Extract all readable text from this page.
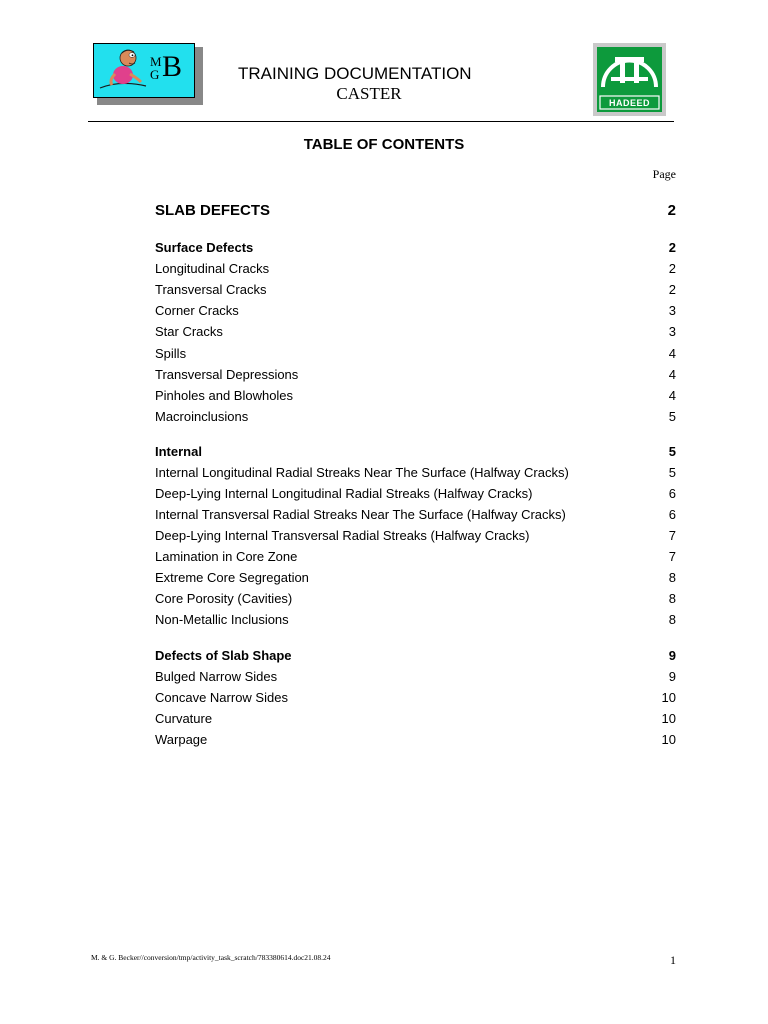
M
G B	TRAINING DOCUMENTATION
CASTER	HADEED
TABLE OF CONTENTS
Page
SLAB DEFECTS	2
Surface Defects	2
Longitudinal Cracks	2
Transversal Cracks	2
Corner Cracks	3
Star Cracks	3
Spills	4
Transversal Depressions	4
Pinholes and Blowholes	4
Macroinclusions	5
Internal	5
Internal Longitudinal Radial Streaks Near The Surface (Halfway Cracks)	5
Deep-Lying Internal Longitudinal Radial Streaks (Halfway Cracks)	6
Internal Transversal Radial Streaks Near The Surface (Halfway Cracks)	6
Deep-Lying Internal Transversal Radial Streaks (Halfway Cracks)	7
Lamination in Core Zone	7
Extreme Core Segregation	8
Core Porosity (Cavities)	8
Non-Metallic Inclusions	8
Defects of Slab Shape	9
Bulged Narrow Sides	9
Concave Narrow Sides	10
Curvature	10
Warpage	10
M. & G. Becker//conversion/tmp/activity_task_scratch/783380614.doc21.08.24	1
